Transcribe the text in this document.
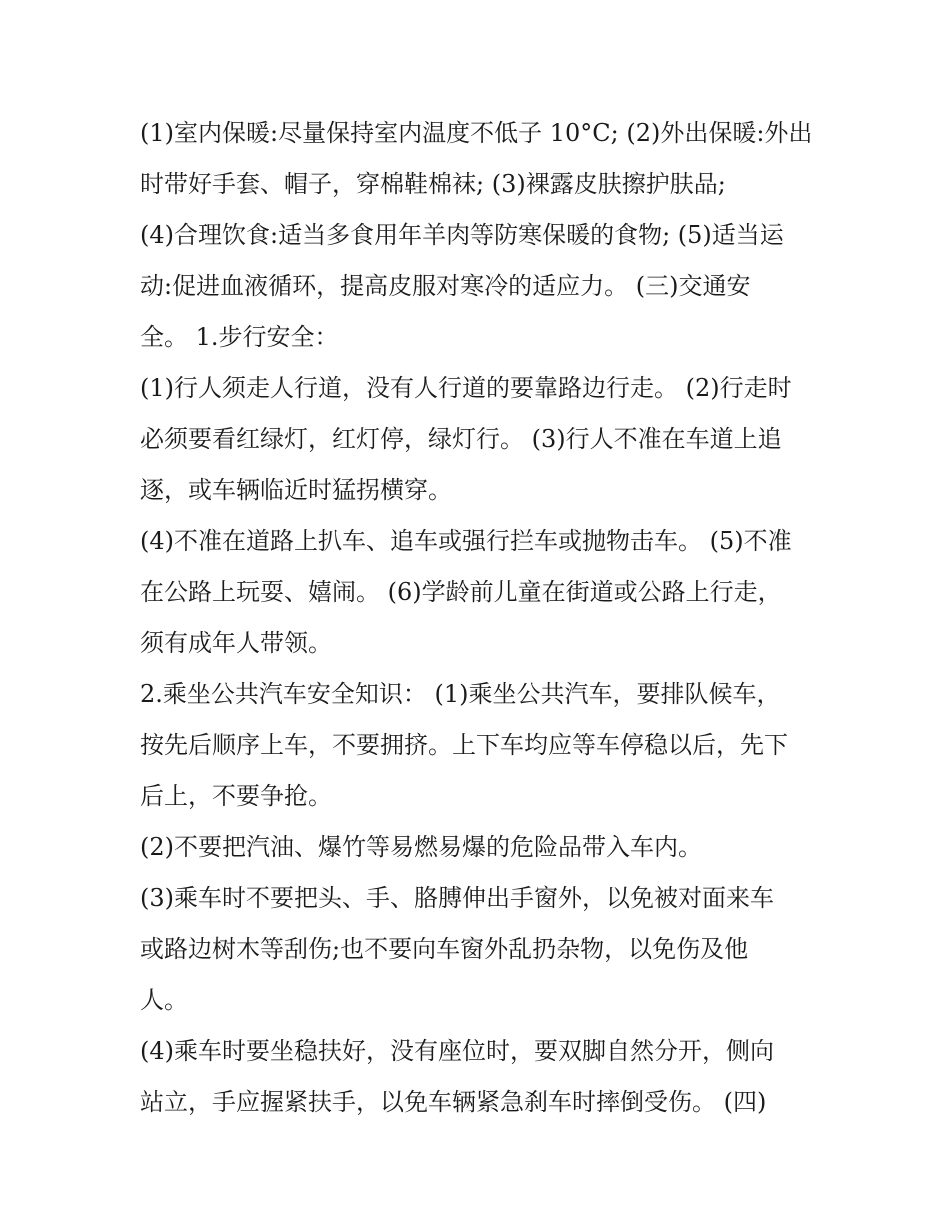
(1)室内保暖:尽量保持室内温度不低子 10°C; (2)外出保暖:外出
时带好手套、帽子，穿棉鞋棉袜; (3)裸露皮肤擦护肤品;
(4)合理饮食:适当多食用年羊肉等防寒保暖的食物; (5)适当运
动:促进血液循环，提高皮服对寒冷的适应力。 (三)交通安
全。 1.步行安全：
(1)行人须走人行道，没有人行道的要靠路边行走。 (2)行走时
必须要看红绿灯，红灯停，绿灯行。 (3)行人不准在车道上追
逐，或车辆临近时猛拐横穿。
(4)不准在道路上扒车、追车或强行拦车或抛物击车。 (5)不准
在公路上玩耍、嬉闹。 (6)学龄前儿童在街道或公路上行走，
须有成年人带领。
2.乘坐公共汽车安全知识： (1)乘坐公共汽车，要排队候车，
按先后顺序上车，不要拥挤。上下车均应等车停稳以后，先下
后上，不要争抢。
(2)不要把汽油、爆竹等易燃易爆的危险品带入车内。
(3)乘车时不要把头、手、胳膊伸出手窗外，以免被对面来车
或路边树木等刮伤;也不要向车窗外乱扔杂物，以免伤及他
人。
(4)乘车时要坐稳扶好，没有座位时，要双脚自然分开，侧向
站立，手应握紧扶手，以免车辆紧急刹车时摔倒受伤。 (四)
